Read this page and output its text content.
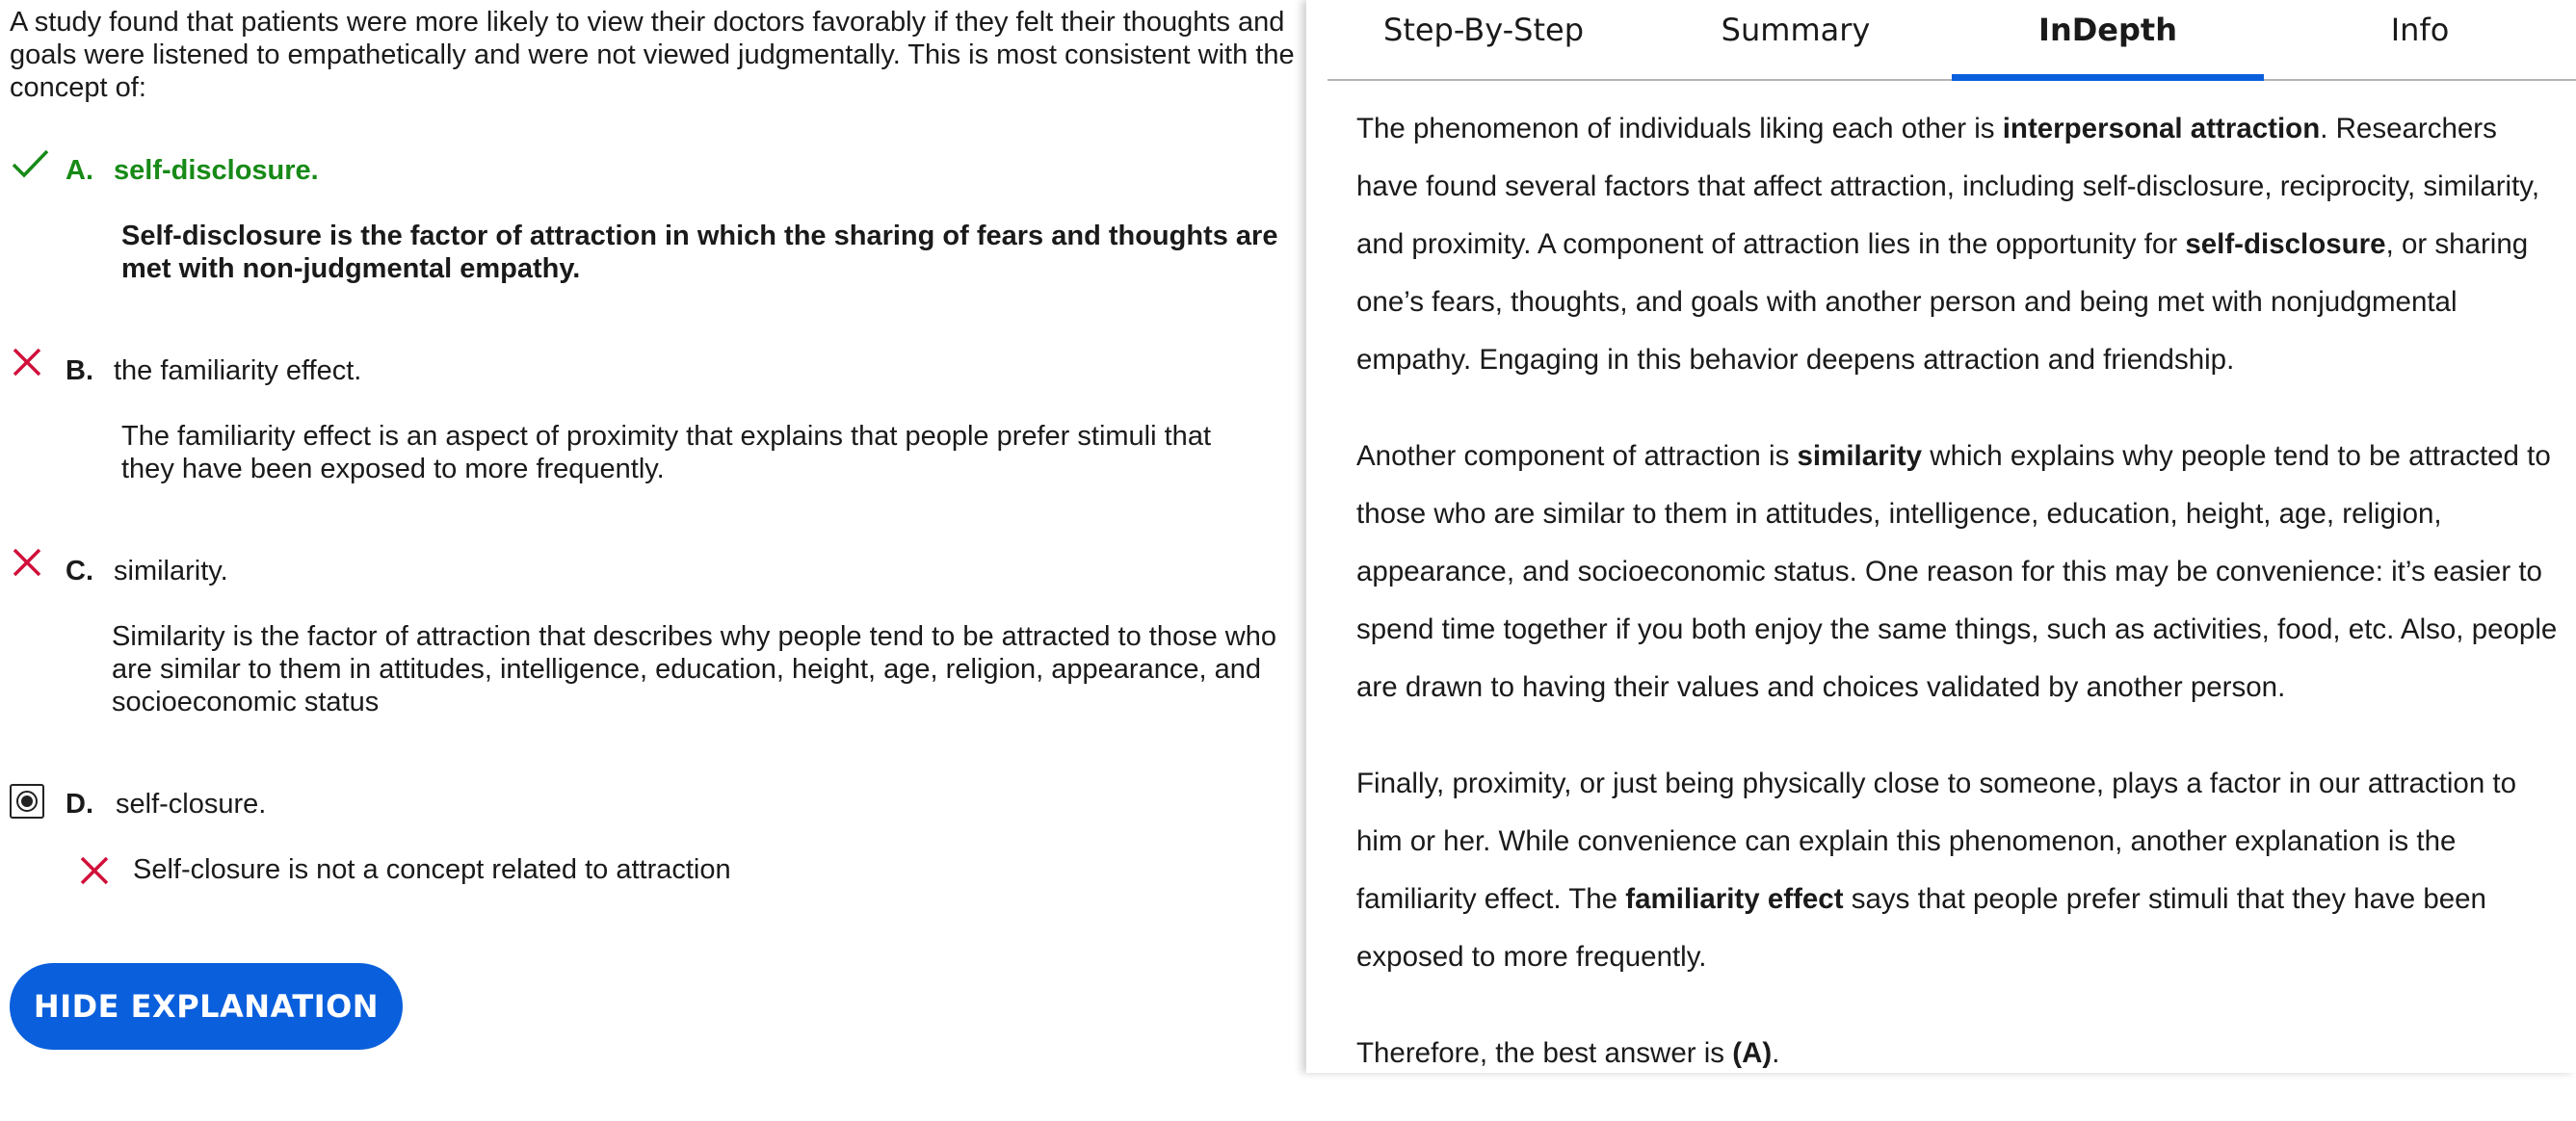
A study found that patients were more likely to view their doctors favorably if they felt their thoughts and goals were listened to empathetically and were not viewed judgmentally. This is most consistent with the concept of:
A. self-disclosure.
Self-disclosure is the factor of attraction in which the sharing of fears and thoughts are met with non-judgmental empathy.
B. the familiarity effect.
The familiarity effect is an aspect of proximity that explains that people prefer stimuli that they have been exposed to more frequently.
C. similarity.
Similarity is the factor of attraction that describes why people tend to be attracted to those who are similar to them in attitudes, intelligence, education, height, age, religion, appearance, and socioeconomic status
D. self-closure.
Self-closure is not a concept related to attraction
HIDE EXPLANATION
Step-By-Step	Summary	InDepth	Info

The phenomenon of individuals liking each other is interpersonal attraction. Researchers have found several factors that affect attraction, including self-disclosure, reciprocity, similarity, and proximity. A component of attraction lies in the opportunity for self-disclosure, or sharing one’s fears, thoughts, and goals with another person and being met with nonjudgmental empathy. Engaging in this behavior deepens attraction and friendship.

Another component of attraction is similarity which explains why people tend to be attracted to those who are similar to them in attitudes, intelligence, education, height, age, religion, appearance, and socioeconomic status. One reason for this may be convenience: it’s easier to spend time together if you both enjoy the same things, such as activities, food, etc. Also, people are drawn to having their values and choices validated by another person.

Finally, proximity, or just being physically close to someone, plays a factor in our attraction to him or her. While convenience can explain this phenomenon, another explanation is the familiarity effect. The familiarity effect says that people prefer stimuli that they have been exposed to more frequently.

Therefore, the best answer is (A).
